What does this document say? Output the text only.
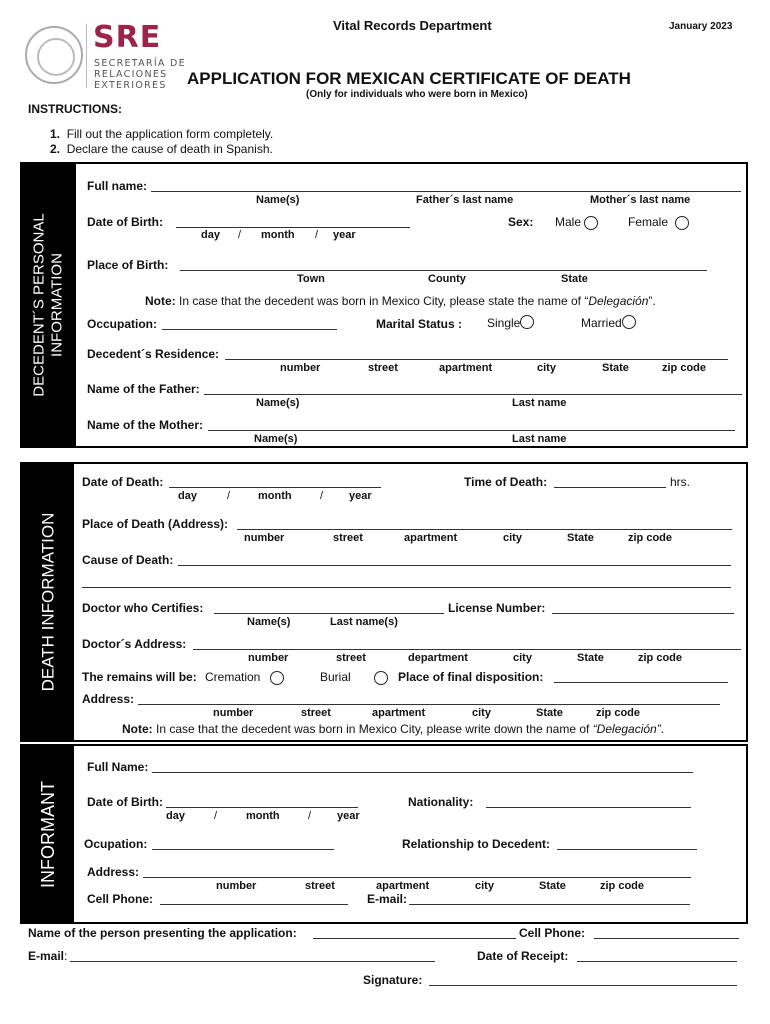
SRE
SECRETARÍA DE
RELACIONES
EXTERIORES
Vital Records Department	January 2023
APPLICATION FOR MEXICAN CERTIFICATE OF DEATH
(Only for individuals who were born in Mexico)
INSTRUCTIONS:
1. Fill out the application form completely.
2. Declare the cause of death in Spanish.
DECEDENT´S PERSONAL INFORMATION
Full name:
Name(s)	Father´s last name	Mother´s last name
Date of Birth:
day / month / year
Sex: Male	Female
Place of Birth:
Town	County	State
Note: In case that the decedent was born in Mexico City, please state the name of “Delegación”.
Occupation:	Marital Status : Single	Married
Decedent´s Residence:
number	street	apartment	city	State	zip code
Name of the Father:
Name(s)	Last name
Name of the Mother:
Name(s)	Last name
DEATH INFORMATION
Date of Death:
day	/	month	/ year
Time of Death:	hrs.
Place of Death (Address):
number	street	apartment	city	State	zip code
Cause of Death:
Doctor who Certifies:
Name(s)	Last name(s)
License Number:
Doctor´s Address:
number	street	department	city	State	zip code
The remains will be: Cremation	Burial	Place of final disposition:
Address:
number	street	apartment	city	State	zip code
Note: In case that the decedent was born in Mexico City, please write down the name of “Delegación”.
INFORMANT
Full Name:
Date of Birth:
day	/	month	/ year
Nationality:
Ocupation:	Relationship to Decedent:
Address:
number	street	apartment	city	State	zip code
Cell Phone:	E-mail:
Name of the person presenting the application:	Cell Phone:
E-mail:	Date of Receipt:
Signature:
